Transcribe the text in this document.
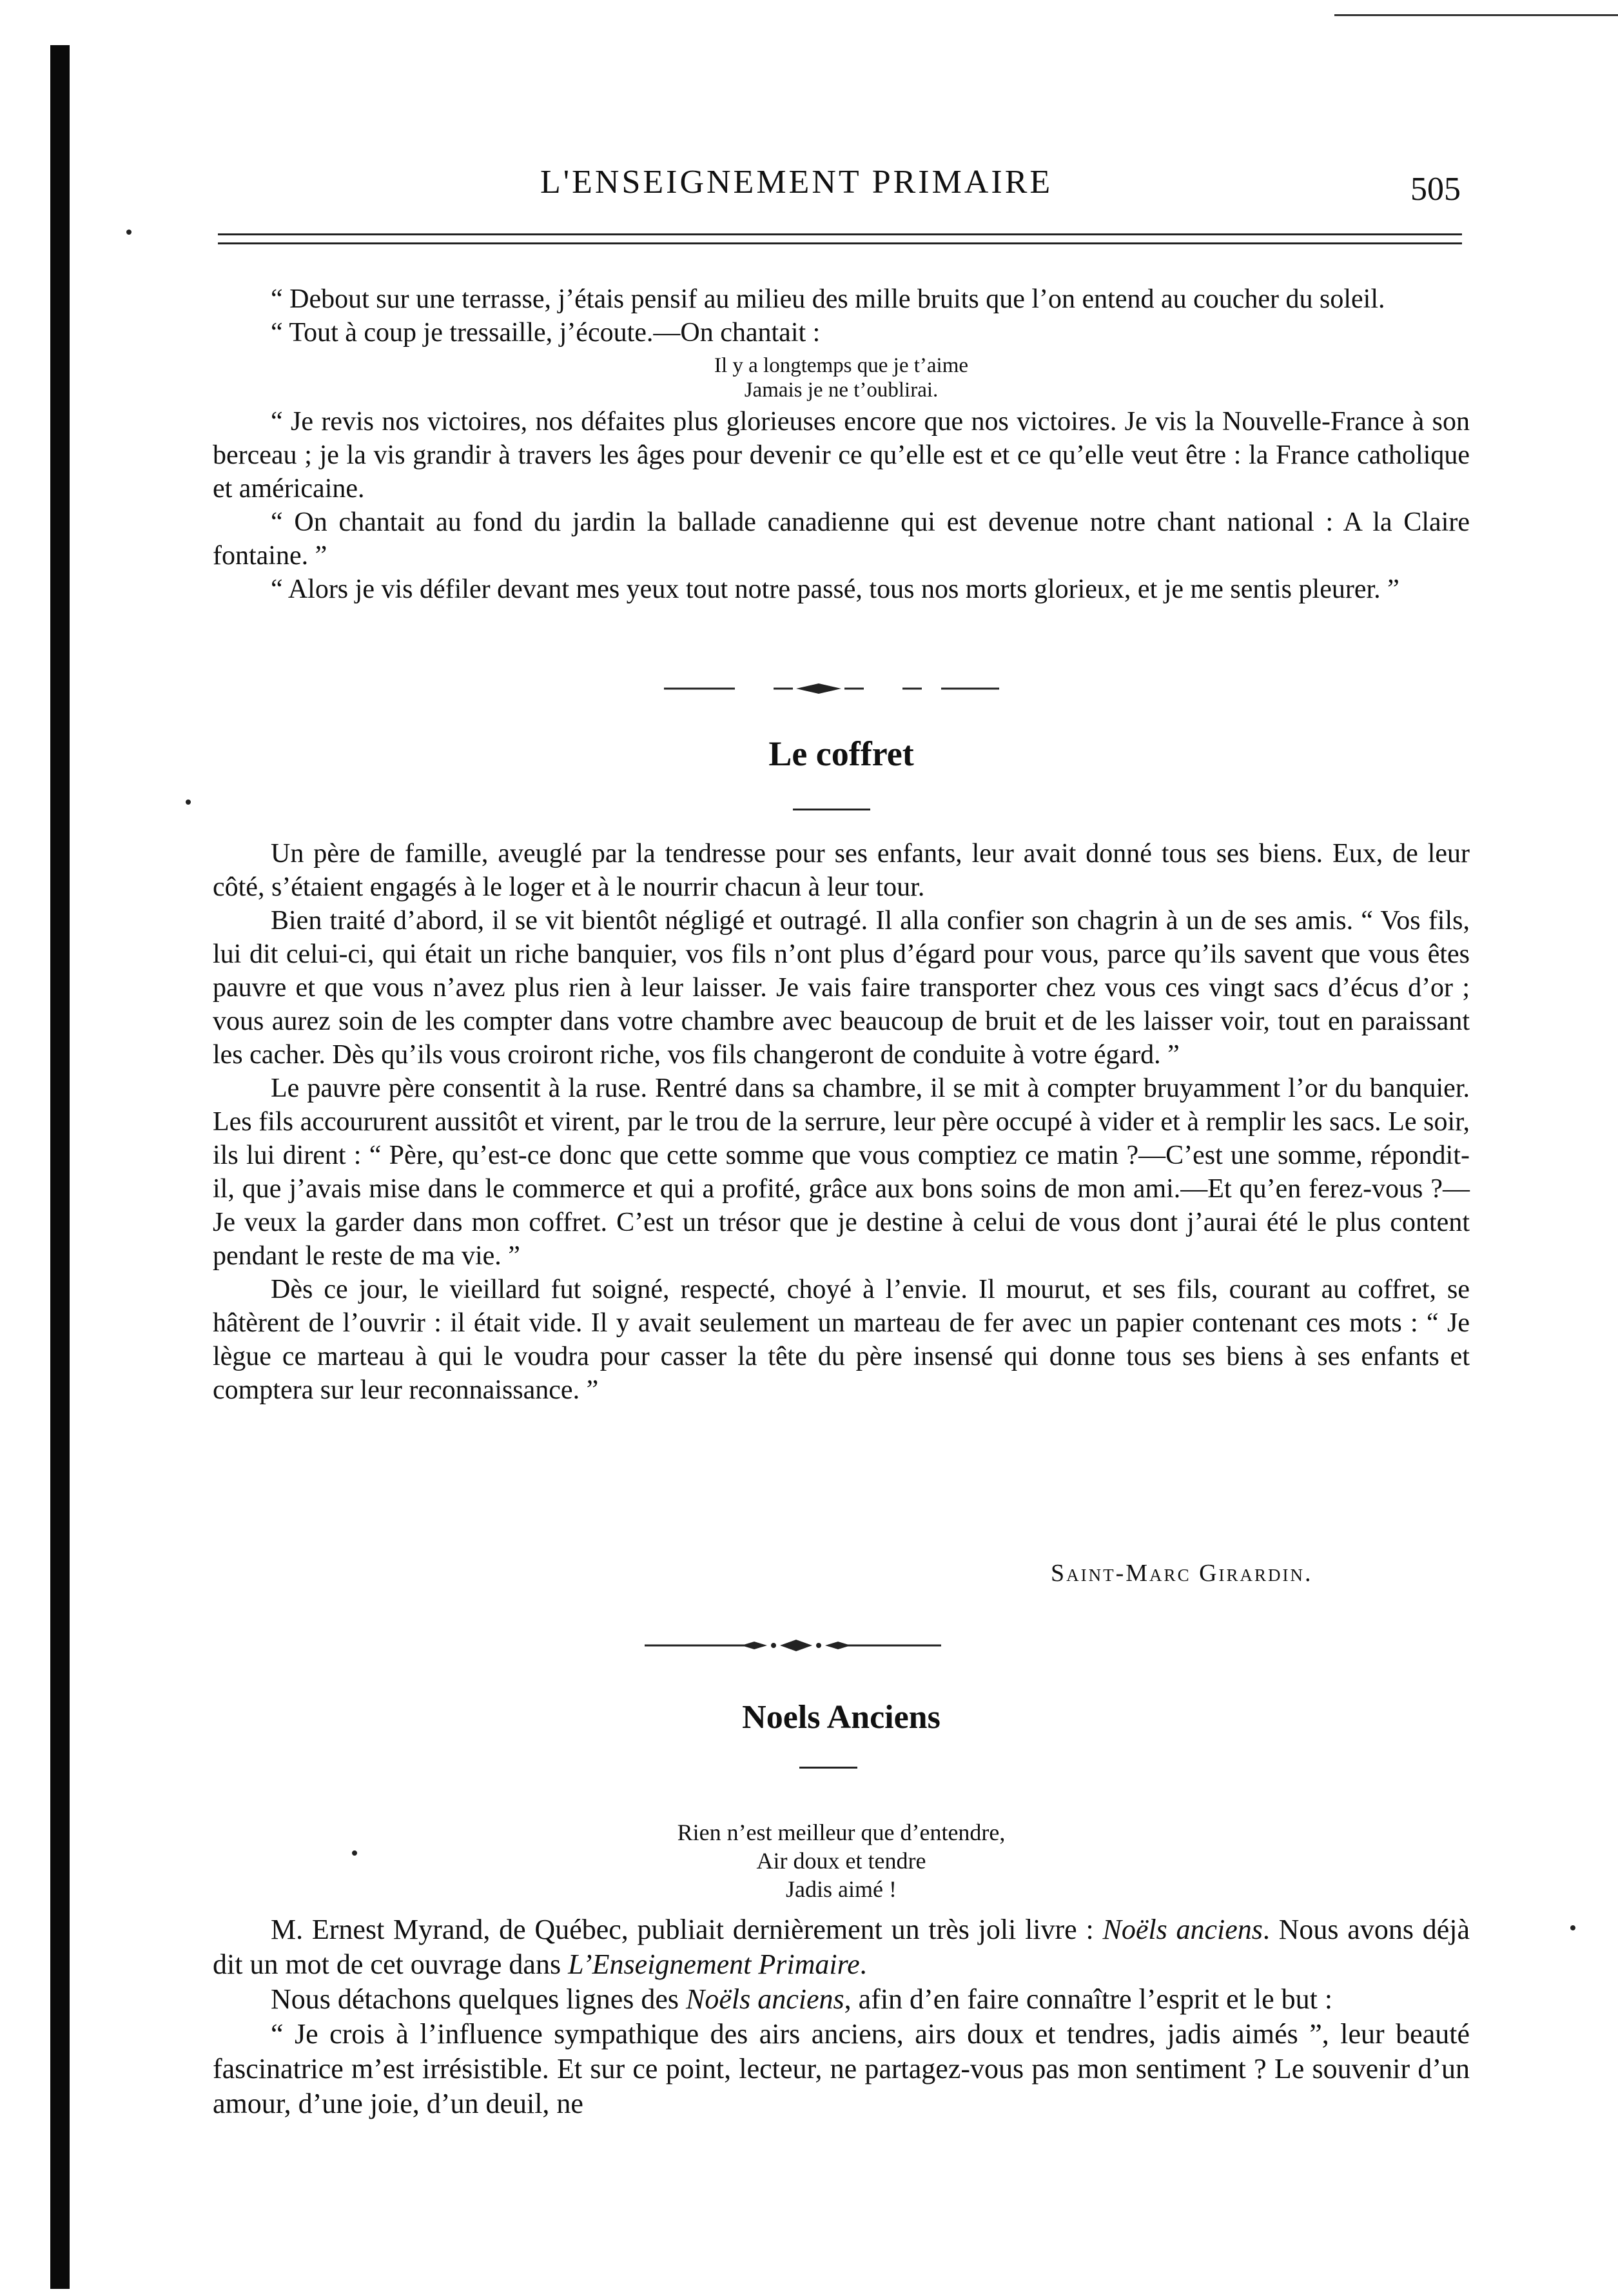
L'ENSEIGNEMENT PRIMAIRE	505

“ Debout sur une terrasse, j’étais pensif au milieu des mille bruits que l’on entend au coucher du soleil.

“ Tout à coup je tressaille, j’écoute.—On chantait :

Il y a longtemps que je t’aime

Jamais je ne t’oublirai.

“ Je revis nos victoires, nos défaites plus glorieuses encore que nos victoires. Je vis la Nouvelle-France à son berceau ; je la vis grandir à travers les âges pour devenir ce qu’elle est et ce qu’elle veut être : la France catholique et américaine.

“ On chantait au fond du jardin la ballade canadienne qui est devenue notre chant national : A la Claire fontaine. ”

“ Alors je vis défiler devant mes yeux tout notre passé, tous nos morts glorieux, et je me sentis pleurer. ”

Le coffret

Un père de famille, aveuglé par la tendresse pour ses enfants, leur avait donné tous ses biens. Eux, de leur côté, s’étaient engagés à le loger et à le nourrir chacun à leur tour.

Bien traité d’abord, il se vit bientôt négligé et outragé. Il alla confier son chagrin à un de ses amis. “ Vos fils, lui dit celui-ci, qui était un riche banquier, vos fils n’ont plus d’égard pour vous, parce qu’ils savent que vous êtes pauvre et que vous n’avez plus rien à leur laisser. Je vais faire transporter chez vous ces vingt sacs d’écus d’or ; vous aurez soin de les compter dans votre chambre avec beaucoup de bruit et de les laisser voir, tout en paraissant les cacher. Dès qu’ils vous croiront riche, vos fils changeront de conduite à votre égard. ”

Le pauvre père consentit à la ruse. Rentré dans sa chambre, il se mit à compter bruyamment l’or du banquier. Les fils accoururent aussitôt et virent, par le trou de la serrure, leur père occupé à vider et à remplir les sacs. Le soir, ils lui dirent : “ Père, qu’est-ce donc que cette somme que vous comptiez ce matin ?—C’est une somme, répondit-il, que j’avais mise dans le commerce et qui a profité, grâce aux bons soins de mon ami.—Et qu’en ferez-vous ?—Je veux la garder dans mon coffret. C’est un trésor que je destine à celui de vous dont j’aurai été le plus content pendant le reste de ma vie. ”

Dès ce jour, le vieillard fut soigné, respecté, choyé à l’envie. Il mourut, et ses fils, courant au coffret, se hâtèrent de l’ouvrir : il était vide. Il y avait seulement un marteau de fer avec un papier contenant ces mots : “ Je lègue ce marteau à qui le voudra pour casser la tête du père insensé qui donne tous ses biens à ses enfants et comptera sur leur reconnaissance. ”

Saint-Marc Girardin.
Noels Anciens

Rien n’est meilleur que d’entendre,

Air doux et tendre

Jadis aimé !

M. Ernest Myrand, de Québec, publiait dernièrement un très joli livre : Noëls anciens. Nous avons déjà dit un mot de cet ouvrage dans L’Enseignement Primaire.

Nous détachons quelques lignes des Noëls anciens, afin d’en faire connaître l’esprit et le but :

“ Je crois à l’influence sympathique des airs anciens, airs doux et tendres, jadis aimés ”, leur beauté fascinatrice m’est irrésistible. Et sur ce point, lecteur, ne partagez-vous pas mon sentiment ? Le souvenir d’un amour, d’une joie, d’un deuil, ne
